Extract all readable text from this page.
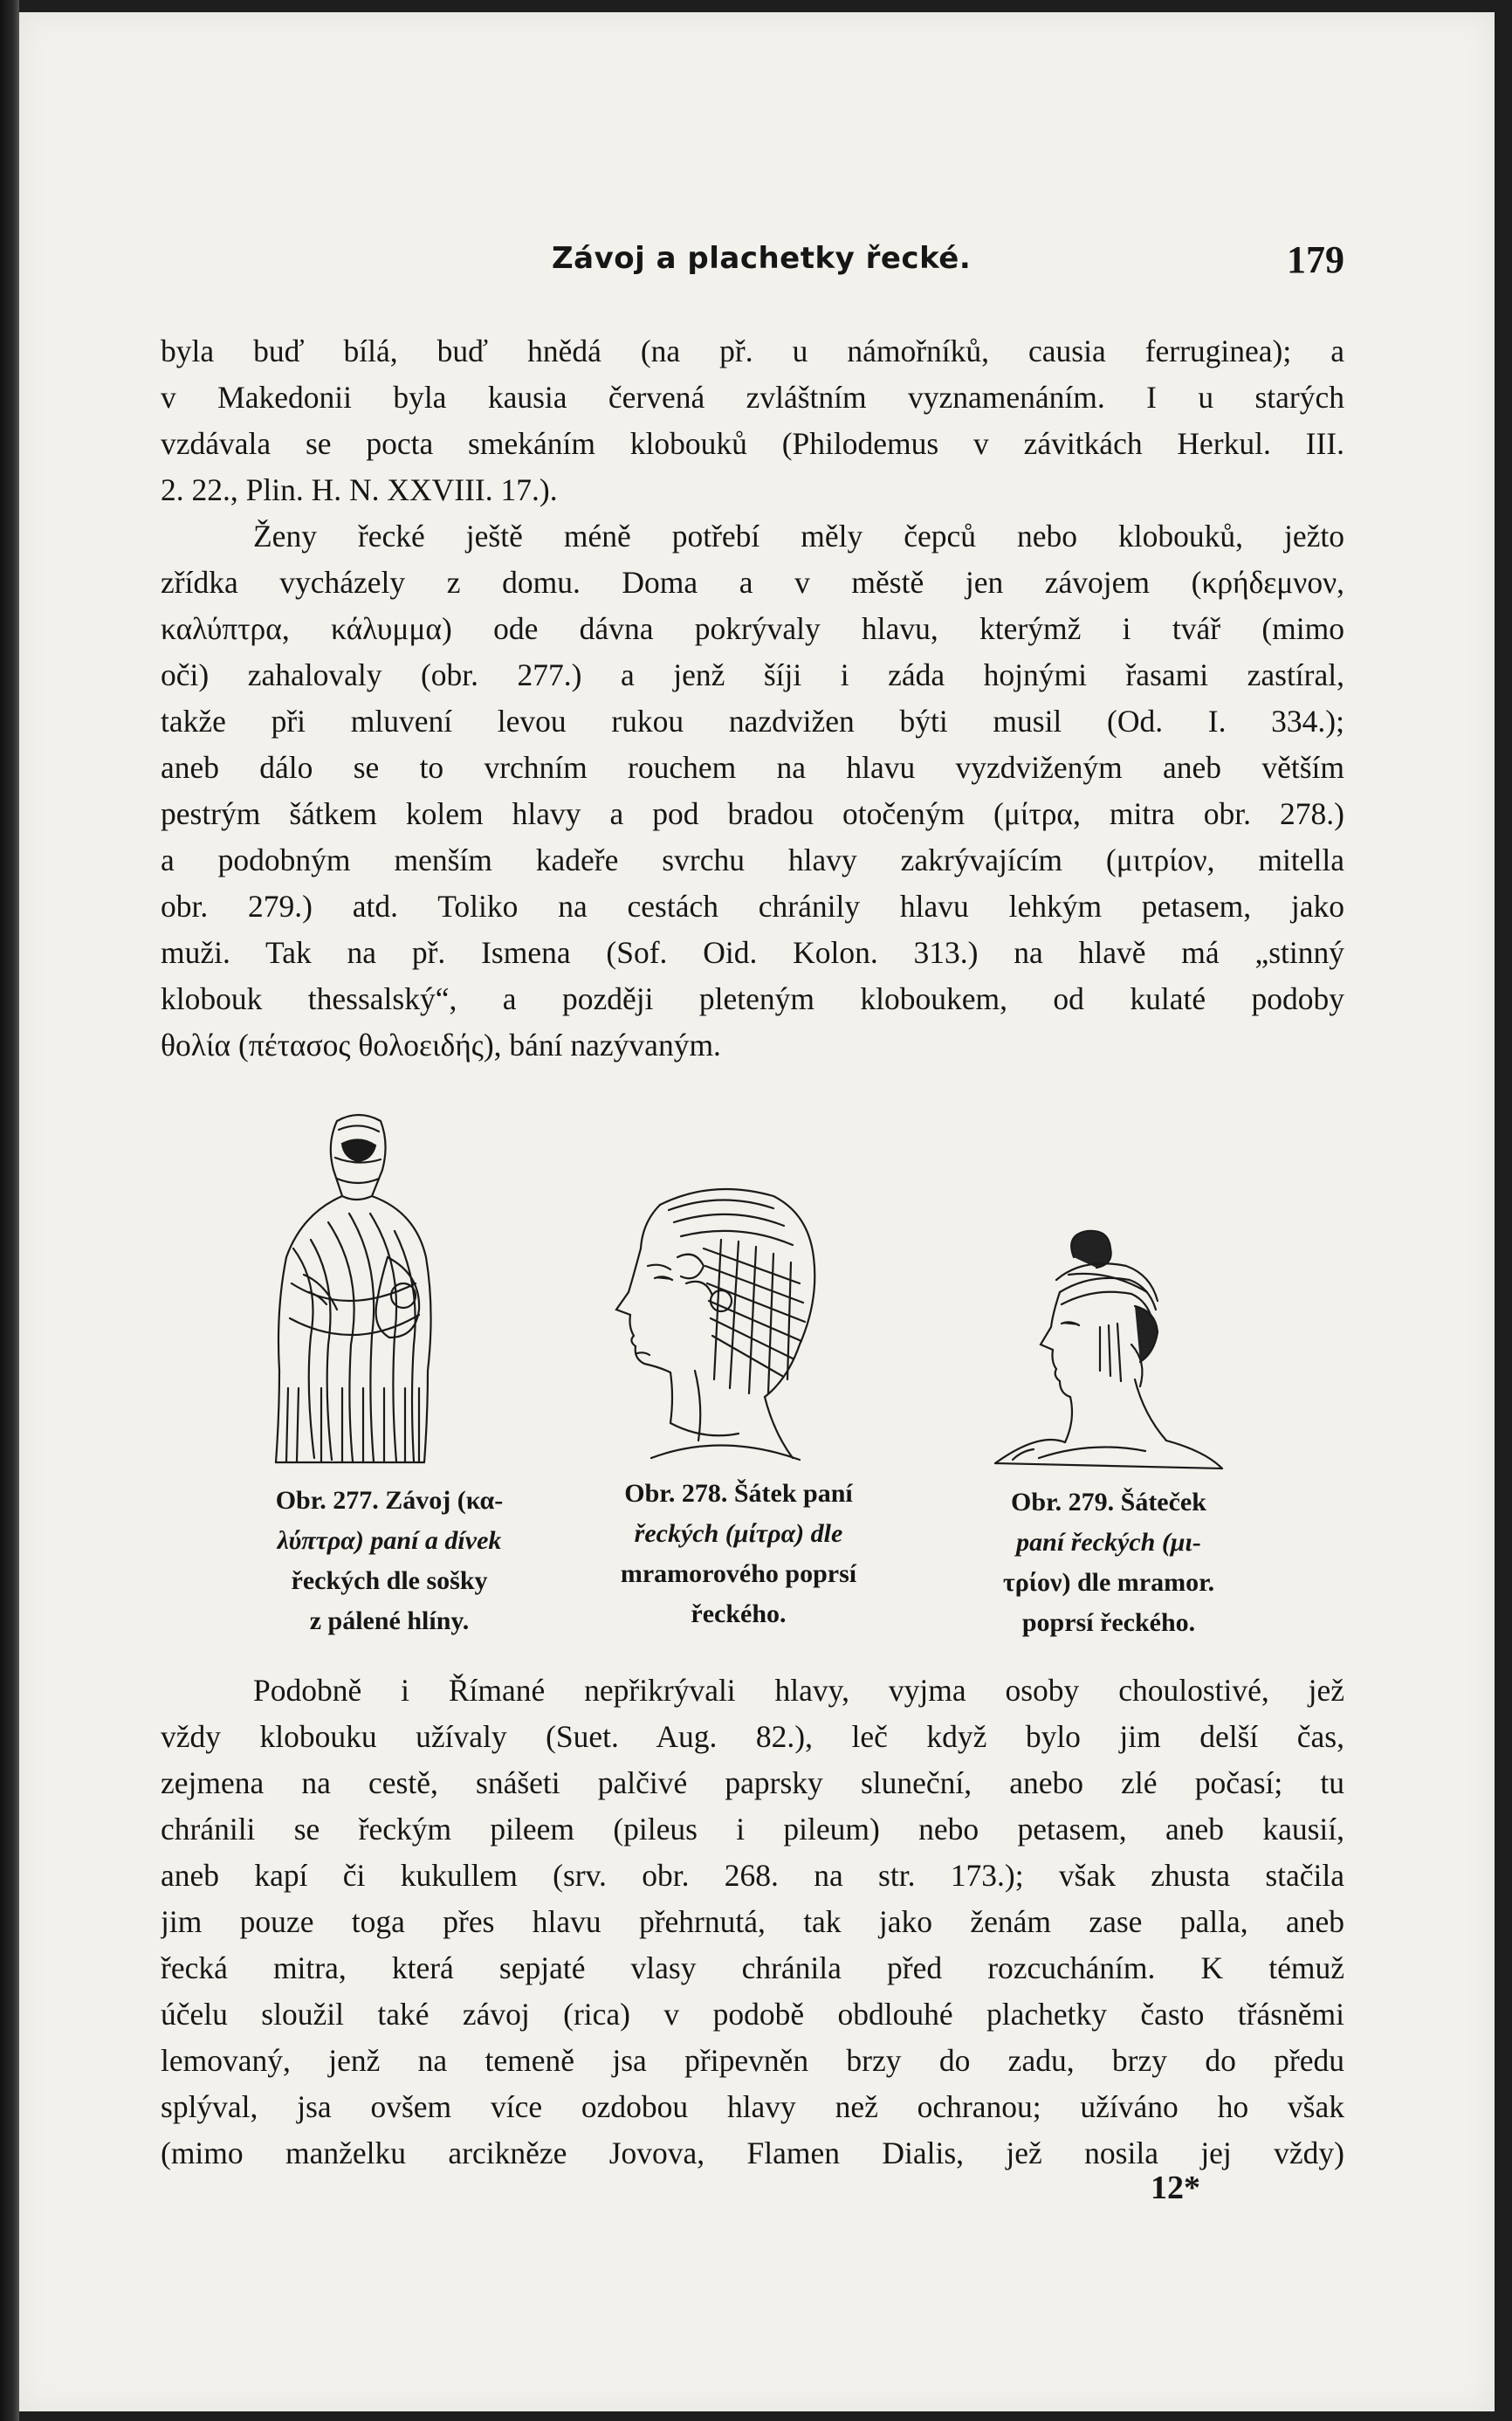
Závoj a plachetky řecké.	179
byla buď bílá, buď hnědá (na př. u námořníků, causia ferruginea); a
v Makedonii byla kausia červená zvláštním vyznamenáním. I u starých
vzdávala se pocta smekáním klobouků (Philodemus v závitkách Herkul. III.
2. 22., Plin. H. N. XXVIII. 17.).
Ženy řecké ještě méně potřebí měly čepců nebo klobouků, ježto
zřídka vycházely z domu. Doma a v městě jen závojem (κρήδεμνον,
καλύπτρα, κάλυμμα) ode dávna pokrývaly hlavu, kterýmž i tvář (mimo
oči) zahalovaly (obr. 277.) a jenž šíji i záda hojnými řasami zastíral,
takže při mluvení levou rukou nazdvižen býti musil (Od. I. 334.);
aneb dálo se to vrchním rouchem na hlavu vyzdviženým aneb větším
pestrým šátkem kolem hlavy a pod bradou otočeným (μίτρα, mitra obr. 278.)
a podobným menším kadeře svrchu hlavy zakrývajícím (μιτρίον, mitella
obr. 279.) atd. Toliko na cestách chránily hlavu lehkým petasem, jako
muži. Tak na př. Ismena (Sof. Oid. Kolon. 313.) na hlavě má „stinný
klobouk thessalský“, a později pleteným kloboukem, od kulaté podoby
θολία (πέτασος θολοειδής), bání nazývaným.
Obr. 277. Závoj (κα-
λύπτρα) paní a dívek
řeckých dle sošky
z pálené hlíny.
Obr. 278. Šátek paní
řeckých (μίτρα) dle
mramorového poprsí
řeckého.
Obr. 279. Šáteček
paní řeckých (μι-
τρίον) dle mramor.
poprsí řeckého.
Podobně i Římané nepřikrývali hlavy, vyjma osoby choulostivé, jež
vždy klobouku užívaly (Suet. Aug. 82.), leč když bylo jim delší čas,
zejmena na cestě, snášeti palčivé paprsky sluneční, anebo zlé počasí; tu
chránili se řeckým pileem (pileus i pileum) nebo petasem, aneb kausií,
aneb kapí či kukullem (srv. obr. 268. na str. 173.); však zhusta stačila
jim pouze toga přes hlavu přehrnutá, tak jako ženám zase palla, aneb
řecká mitra, která sepjaté vlasy chránila před rozcucháním. K témuž
účelu sloužil také závoj (rica) v podobě obdlouhé plachetky často třásněmi
lemovaný, jenž na temeně jsa připevněn brzy do zadu, brzy do předu
splýval, jsa ovšem více ozdobou hlavy než ochranou; užíváno ho však
(mimo manželku arcikněze Jovova, Flamen Dialis, jež nosila jej vždy)
12*
